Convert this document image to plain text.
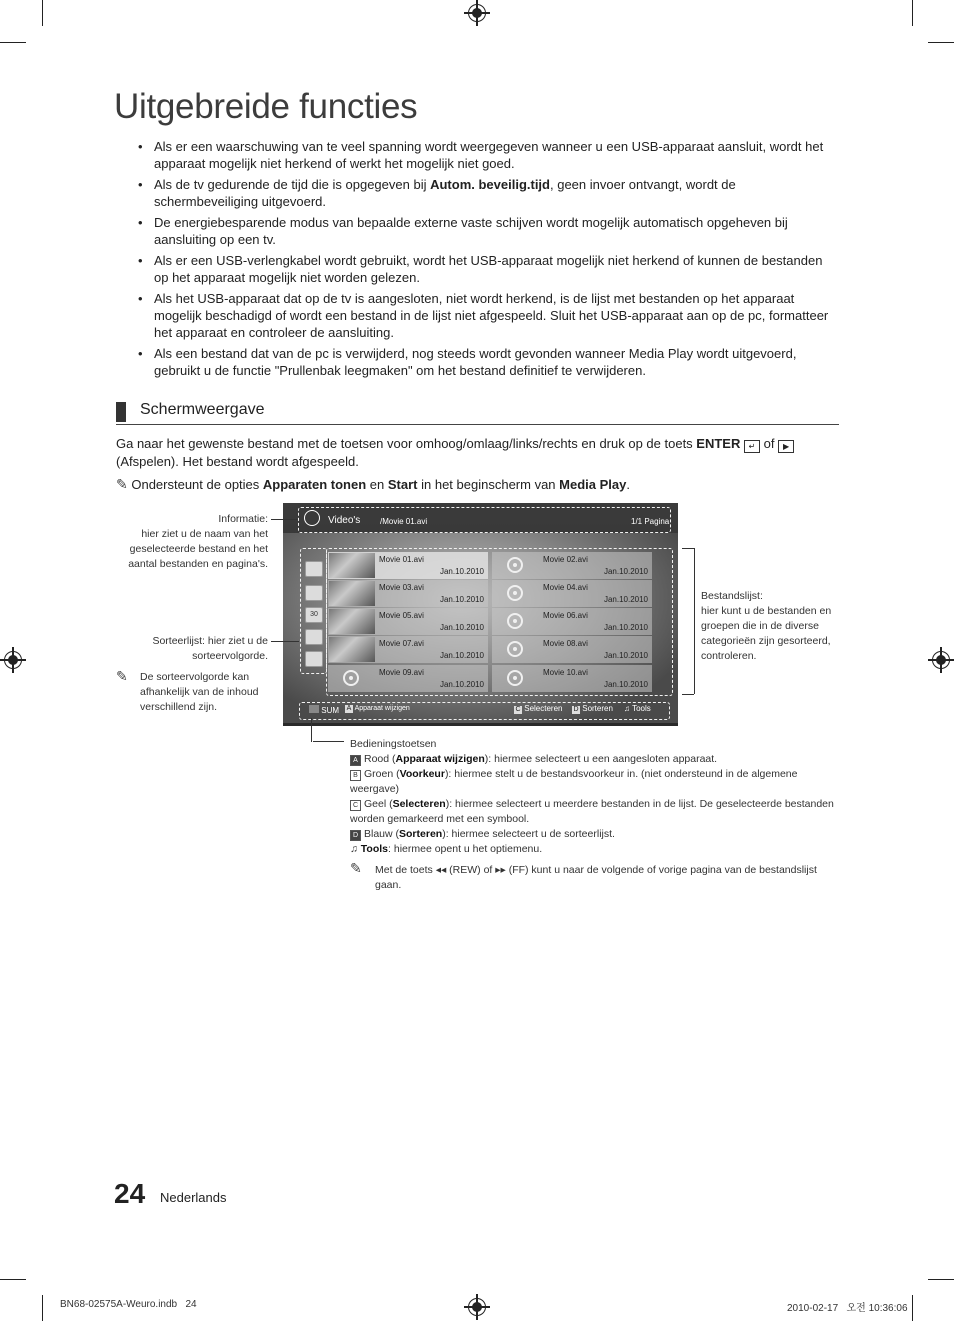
Uitgebreide functies
• Als er een waarschuwing van te veel spanning wordt weergegeven wanneer u een USB-apparaat aansluit, wordt het apparaat mogelijk niet herkend of werkt het mogelijk niet goed.
• Als de tv gedurende de tijd die is opgegeven bij Autom. beveilig.tijd, geen invoer ontvangt, wordt de schermbeveiliging uitgevoerd.
• De energiebesparende modus van bepaalde externe vaste schijven wordt mogelijk automatisch opgeheven bij aansluiting op een tv.
• Als er een USB-verlengkabel wordt gebruikt, wordt het USB-apparaat mogelijk niet herkend of kunnen de bestanden op het apparaat mogelijk niet worden gelezen.
• Als het USB-apparaat dat op de tv is aangesloten, niet wordt herkend, is de lijst met bestanden op het apparaat mogelijk beschadigd of wordt een bestand in de lijst niet afgespeeld. Sluit het USB-apparaat aan op de pc, formatteer het apparaat en controleer de aansluiting.
• Als een bestand dat van de pc is verwijderd, nog steeds wordt gevonden wanneer Media Play wordt uitgevoerd, gebruikt u de functie "Prullenbak leegmaken" om het bestand definitief te verwijderen.
Schermweergave
Ga naar het gewenste bestand met de toetsen voor omhoog/omlaag/links/rechts en druk op de toets ENTER ↵ of ▶ (Afspelen). Het bestand wordt afgespeeld.
✎ Ondersteunt de opties Apparaten tonen en Start in het beginscherm van Media Play.
Video's /Movie 01.avi	1/1 Pagina
30
Movie 01.avi
Jan.10.2010
Movie 02.avi
Jan.10.2010
Movie 03.avi
Jan.10.2010
Movie 04.avi
Jan.10.2010
Movie 05.avi
Jan.10.2010
Movie 06.avi
Jan.10.2010
Movie 07.avi
Jan.10.2010
Movie 08.avi
Jan.10.2010
Movie 09.avi
Jan.10.2010
Movie 10.avi
Jan.10.2010
SUM A Apparaat wijzigen	C Selecteren D Sorteren ♫ Tools
Informatie:
hier ziet u de naam van het geselecteerde bestand en het aantal bestanden en pagina's.
Sorteerlijst: hier ziet u de sorteervolgorde.
✎	De sorteervolgorde kan afhankelijk van de inhoud verschillend zijn.
Bestandslijst:
hier kunt u de bestanden en groepen die in de diverse categorieën zijn gesorteerd, controleren.
Bedieningstoetsen
A Rood (Apparaat wijzigen): hiermee selecteert u een aangesloten apparaat.
B Groen (Voorkeur): hiermee stelt u de bestandsvoorkeur in. (niet ondersteund in de algemene weergave)
C Geel (Selecteren): hiermee selecteert u meerdere bestanden in de lijst. De geselecteerde bestanden worden gemarkeerd met een symbool.
D Blauw (Sorteren): hiermee selecteert u de sorteerlijst.
♫ Tools: hiermee opent u het optiemenu.
✎ Met de toets ◂◂ (REW) of ▸▸ (FF) kunt u naar de volgende of vorige pagina van de bestandslijst gaan.
24 Nederlands
BN68-02575A-Weuro.indb   24	2010-02-17   오전 10:36:06
